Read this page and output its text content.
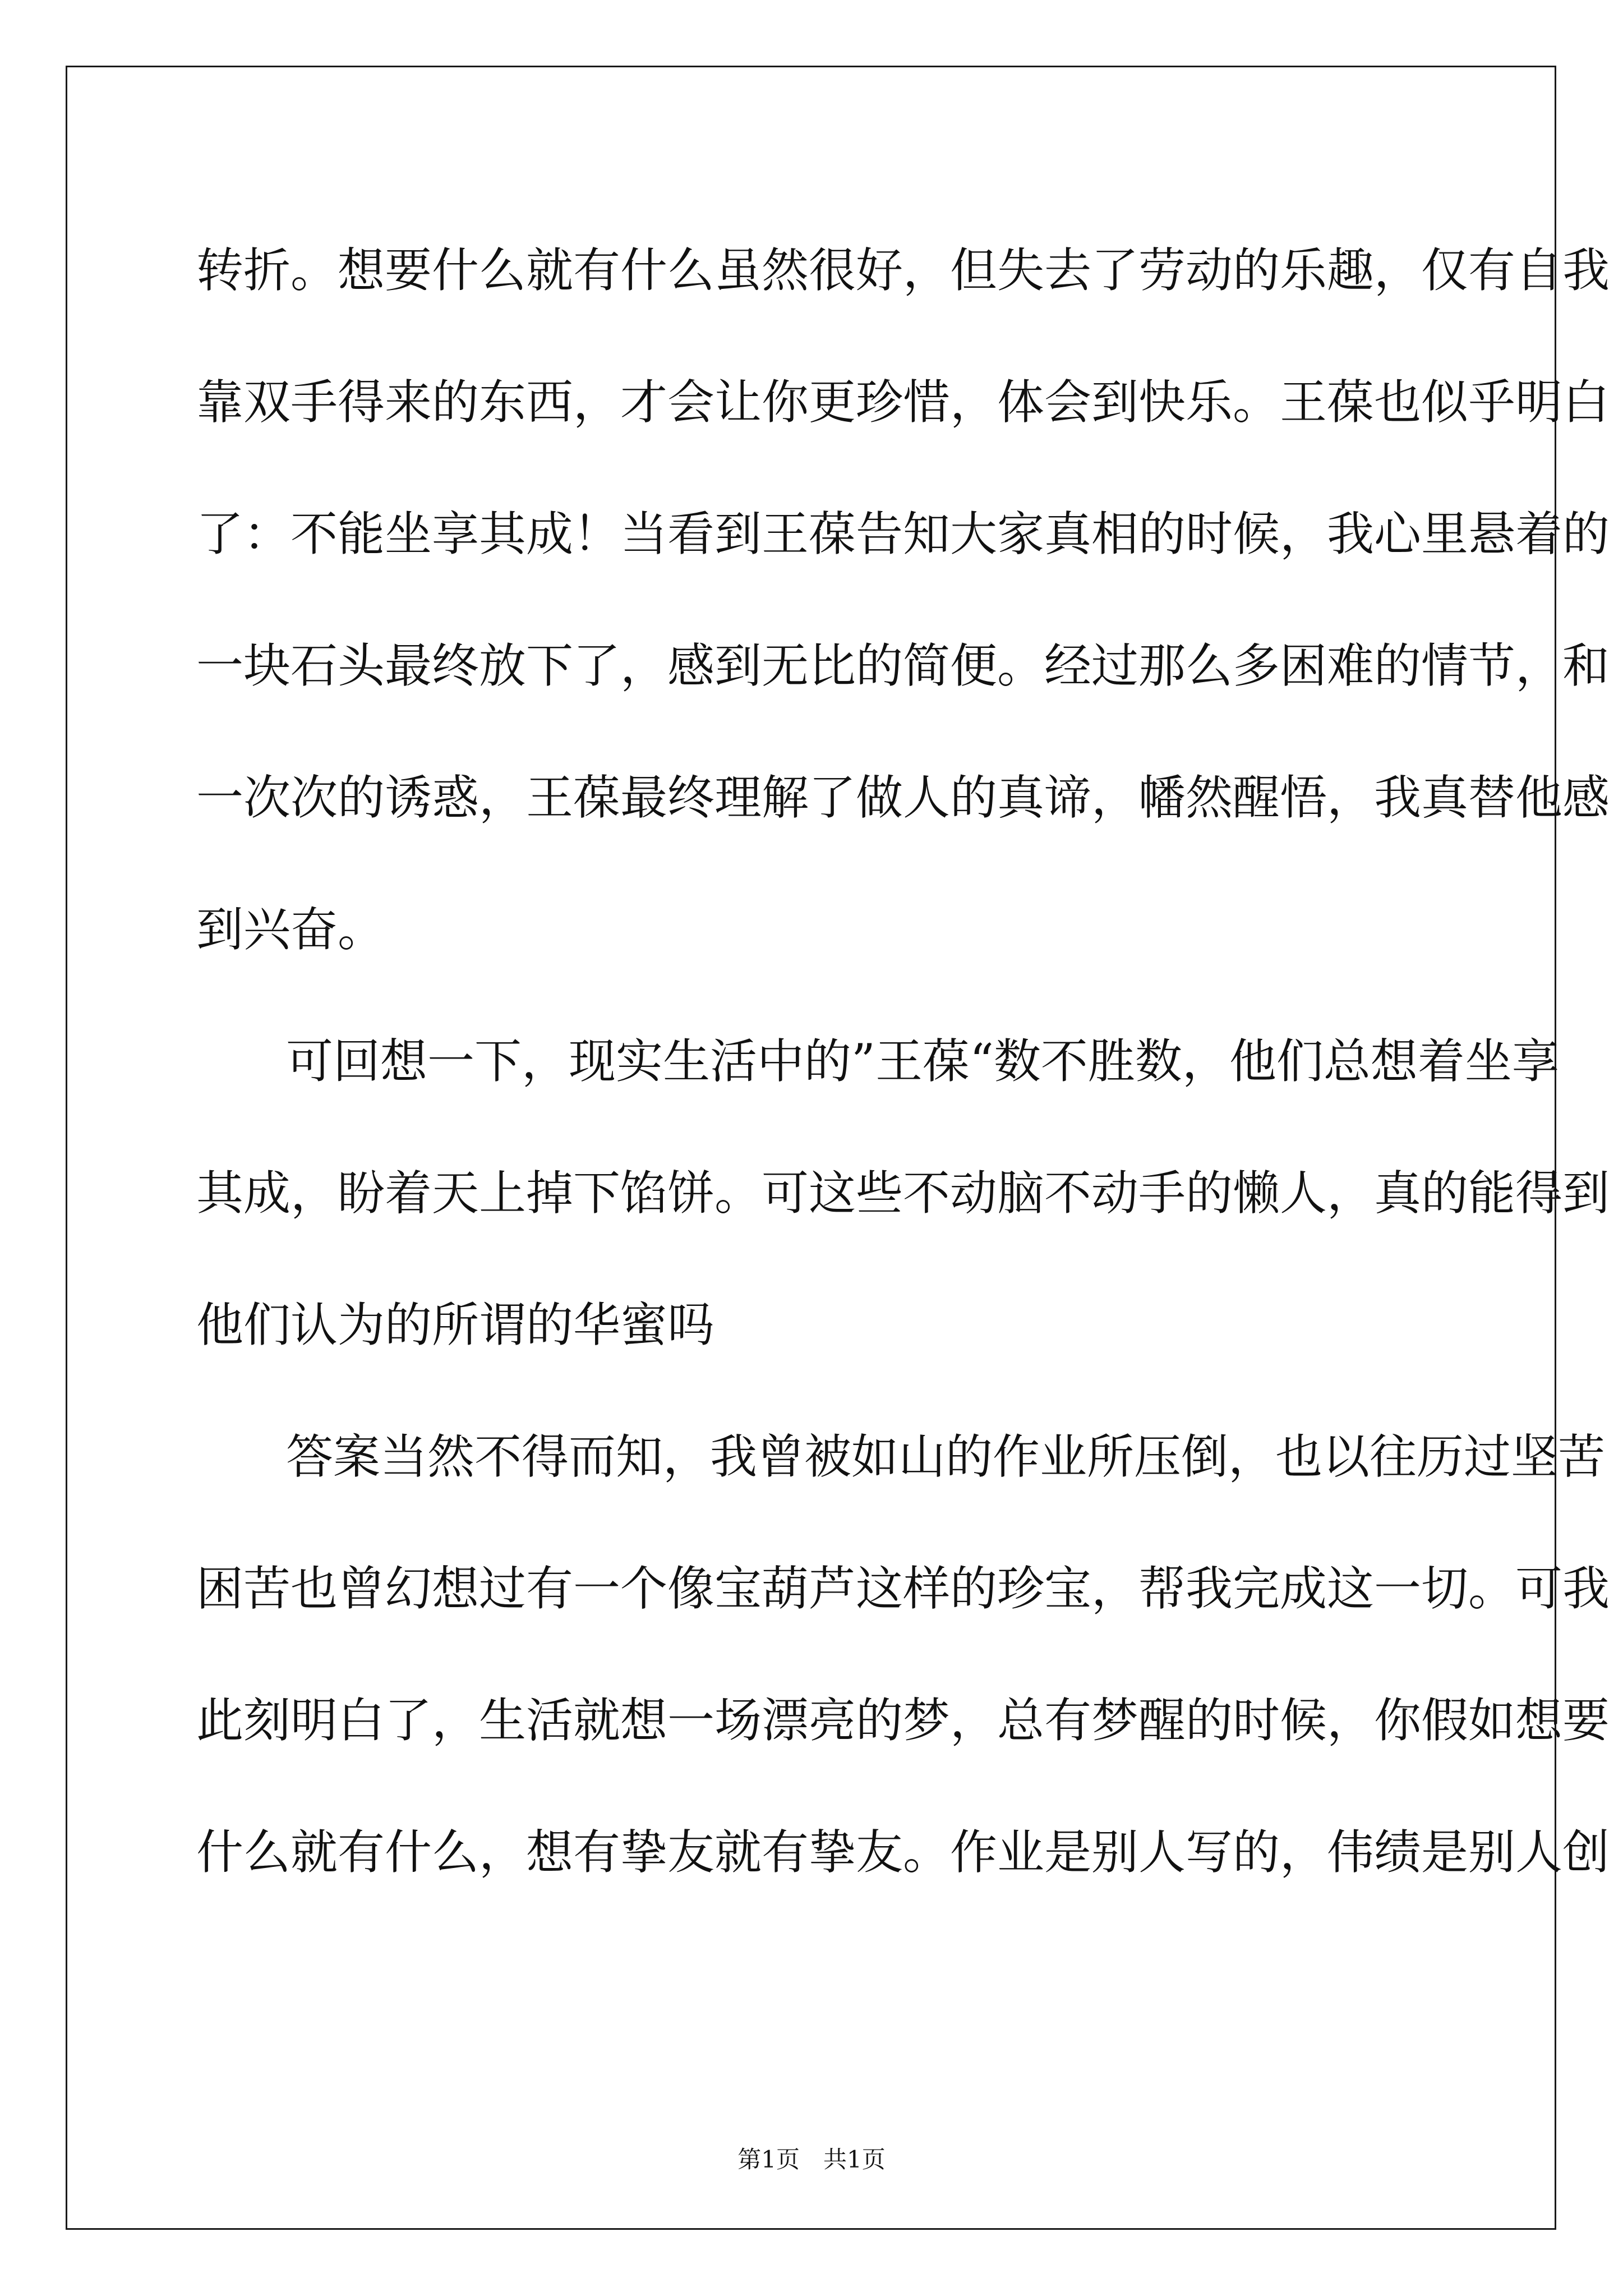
转折。想要什么就有什么虽然很好，但失去了劳动的乐趣，仅有自我
靠双手得来的东西，才会让你更珍惜，体会到快乐。王葆也似乎明白
了：不能坐享其成！当看到王葆告知大家真相的时候，我心里悬着的
一块石头最终放下了，感到无比的简便。经过那么多困难的情节，和
一次次的诱惑，王葆最终理解了做人的真谛，幡然醒悟，我真替他感
到兴奋。
可回想一下，现实生活中的”王葆“数不胜数，他们总想着坐享
其成，盼着天上掉下馅饼。可这些不动脑不动手的懒人，真的能得到
他们认为的所谓的华蜜吗
答案当然不得而知，我曾被如山的作业所压倒，也以往历过坚苦
困苦也曾幻想过有一个像宝葫芦这样的珍宝，帮我完成这一切。可我
此刻明白了，生活就想一场漂亮的梦，总有梦醒的时候，你假如想要
什么就有什么，想有挚友就有挚友。作业是别人写的，伟绩是别人创
第1页　共1页
